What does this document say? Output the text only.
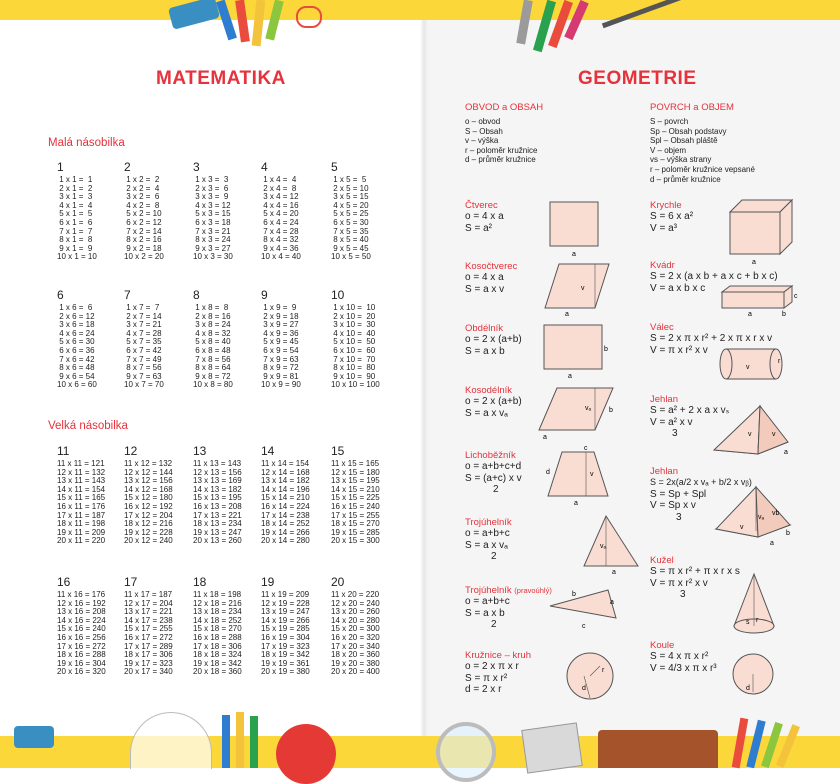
MATEMATIKA
Malá násobilka
Velká násobilka
1
1 x 1 =  1
2 x 1 =  2
3 x 1 =  3
4 x 1 =  4
5 x 1 =  5
6 x 1 =  6
7 x 1 =  7
8 x 1 =  8
9 x 1 =  9
10 x 1 = 10
2
1 x 2 =  2
2 x 2 =  4
3 x 2 =  6
4 x 2 =  8
5 x 2 = 10
6 x 2 = 12
7 x 2 = 14
8 x 2 = 16
9 x 2 = 18
10 x 2 = 20
3
1 x 3 =  3
2 x 3 =  6
3 x 3 =  9
4 x 3 = 12
5 x 3 = 15
6 x 3 = 18
7 x 3 = 21
8 x 3 = 24
9 x 3 = 27
10 x 3 = 30
4
1 x 4 =  4
2 x 4 =  8
3 x 4 = 12
4 x 4 = 16
5 x 4 = 20
6 x 4 = 24
7 x 4 = 28
8 x 4 = 32
9 x 4 = 36
10 x 4 = 40
5
1 x 5 =  5
2 x 5 = 10
3 x 5 = 15
4 x 5 = 20
5 x 5 = 25
6 x 5 = 30
7 x 5 = 35
8 x 5 = 40
9 x 5 = 45
10 x 5 = 50
6
1 x 6 =  6
2 x 6 = 12
3 x 6 = 18
4 x 6 = 24
5 x 6 = 30
6 x 6 = 36
7 x 6 = 42
8 x 6 = 48
9 x 6 = 54
10 x 6 = 60
7
1 x 7 =  7
2 x 7 = 14
3 x 7 = 21
4 x 7 = 28
5 x 7 = 35
6 x 7 = 42
7 x 7 = 49
8 x 7 = 56
9 x 7 = 63
10 x 7 = 70
8
1 x 8 =  8
2 x 8 = 16
3 x 8 = 24
4 x 8 = 32
5 x 8 = 40
6 x 8 = 48
7 x 8 = 56
8 x 8 = 64
9 x 8 = 72
10 x 8 = 80
9
1 x 9 =  9
2 x 9 = 18
3 x 9 = 27
4 x 9 = 36
5 x 9 = 45
6 x 9 = 54
7 x 9 = 63
8 x 9 = 72
9 x 9 = 81
10 x 9 = 90
10
1 x 10 =  10
2 x 10 =  20
3 x 10 =  30
4 x 10 =  40
5 x 10 =  50
6 x 10 =  60
7 x 10 =  70
8 x 10 =  80
9 x 10 =  90
10 x 10 = 100
11
11 x 11 = 121
12 x 11 = 132
13 x 11 = 143
14 x 11 = 154
15 x 11 = 165
16 x 11 = 176
17 x 11 = 187
18 x 11 = 198
19 x 11 = 209
20 x 11 = 220
12
11 x 12 = 132
12 x 12 = 144
13 x 12 = 156
14 x 12 = 168
15 x 12 = 180
16 x 12 = 192
17 x 12 = 204
18 x 12 = 216
19 x 12 = 228
20 x 12 = 240
13
11 x 13 = 143
12 x 13 = 156
13 x 13 = 169
14 x 13 = 182
15 x 13 = 195
16 x 13 = 208
17 x 13 = 221
18 x 13 = 234
19 x 13 = 247
20 x 13 = 260
14
11 x 14 = 154
12 x 14 = 168
13 x 14 = 182
14 x 14 = 196
15 x 14 = 210
16 x 14 = 224
17 x 14 = 238
18 x 14 = 252
19 x 14 = 266
20 x 14 = 280
15
11 x 15 = 165
12 x 15 = 180
13 x 15 = 195
14 x 15 = 210
15 x 15 = 225
16 x 15 = 240
17 x 15 = 255
18 x 15 = 270
19 x 15 = 285
20 x 15 = 300
16
11 x 16 = 176
12 x 16 = 192
13 x 16 = 208
14 x 16 = 224
15 x 16 = 240
16 x 16 = 256
17 x 16 = 272
18 x 16 = 288
19 x 16 = 304
20 x 16 = 320
17
11 x 17 = 187
12 x 17 = 204
13 x 17 = 221
14 x 17 = 238
15 x 17 = 255
16 x 17 = 272
17 x 17 = 289
18 x 17 = 306
19 x 17 = 323
20 x 17 = 340
18
11 x 18 = 198
12 x 18 = 216
13 x 18 = 234
14 x 18 = 252
15 x 18 = 270
16 x 18 = 288
17 x 18 = 306
18 x 18 = 324
19 x 18 = 342
20 x 18 = 360
19
11 x 19 = 209
12 x 19 = 228
13 x 19 = 247
14 x 19 = 266
15 x 19 = 285
16 x 19 = 304
17 x 19 = 323
18 x 19 = 342
19 x 19 = 361
20 x 19 = 380
20
11 x 20 = 220
12 x 20 = 240
13 x 20 = 260
14 x 20 = 280
15 x 20 = 300
16 x 20 = 320
17 x 20 = 340
18 x 20 = 360
19 x 20 = 380
20 x 20 = 400
GEOMETRIE
OBVOD a OBSAH
o – obvod
S – Obsah
v – výška
r – poloměr kružnice
d – průměr kružnice
POVRCH a OBJEM
S – povrch
Sp – Obsah podstavy
Spl – Obsah pláště
V – objem
vs – výška strany
r – poloměr kružnice vepsané
d – průměr kružnice
Čtverec
o = 4 x a
S = a²
Kosočtverec
o = 4 x a
S = a x v
Obdélník
o = 2 x (a+b)
S = a x b
Kosodélník
o = 2 x (a+b)
S = a x vₐ
Lichoběžník
o = a+b+c+d
S = (a+c) x v
2
Trojúhelník
o = a+b+c
S = a x vₐ
2
Trojúhelník (pravoúhlý)
o = a+b+c
S = a x b
2
Kružnice – kruh
o = 2 x π x r
S = π x r²
d = 2 x r
Krychle
S = 6 x a²
V = a³
Kvádr
S = 2 x (a x b + a x c + b x c)
V = a x b x c
Válec
S = 2 x π x r² + 2 x π x r x v
V = π x r² x v
Jehlan
S = a² + 2 x a x vₛ
V = a² x v
3
Jehlan
S = 2x(a/2 x vₐ + b/2 x vᵦ)
S = Sp + Spl
V = Sp x v
3
Kužel
S = π x r² + π x r x s
V = π x r² x v
3
Koule
S = 4 x π x r²
V = 4/3 x π x r³
a
v
a
b
a
vₐ	b
a
c
d	v
a
vₐ
a
b
a
c
r
d
a
c
a	b
v
r
v	v
a
v
vₐ
vb
a
b
s r
d
